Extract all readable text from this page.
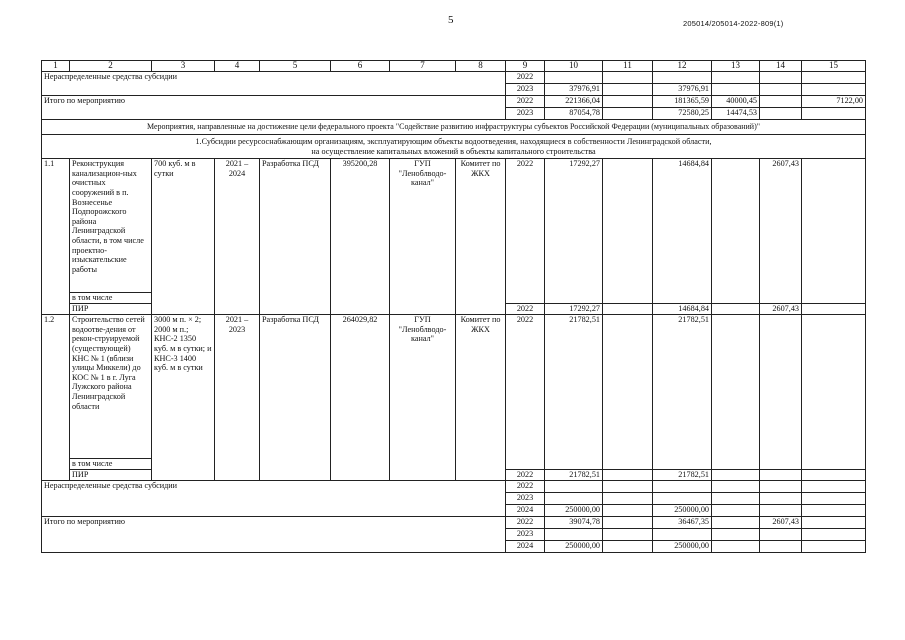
5	205014/205014-2022-809(1)
1	2	3	4	5	6	7	8	9	10	11	12	13	14	15
Нераспределенные средства субсидии								2022						
								2023	37976,91		37976,91			
Итого по мероприятию								2022	221366,04		181365,59	40000,45		7122,00
								2023	87054,78		72580,25	14474,53		
Мероприятия, направленные на достижение цели федерального проекта "Содействие развитию инфраструктуры субъектов Российской Федерации (муниципальных образований)"														

1.Субсидии ресурсоснабжающим организациям, эксплуатирующим объекты водоотведения, находящиеся в собственности Ленинградской области,
на осуществление капитальных вложений в объекты капитального строительства														

1.1	Реконструкция канализацион-ных очистных сооружений в п. Вознесенье Подпорожского района Ленинградской области, в том числе проектно-изыскательские работы	700 куб. м в сутки	2021 – 2024	Разработка ПСД	395200,28	ГУП "Леноблводо-канал"	Комитет по ЖКХ	2022	17292,27		14684,84		2607,43	
	в том числе													
	ПИР							2022	17292,27		14684,84		2607,43	
1.2	Строительство сетей водоотве-дения от рекон-струируемой (существующей) КНС № 1 (вблизи улицы Миккели) до КОС № 1 в г. Луга Лужского района Ленинградской области	3000 м п. × 2; 2000 м п.; КНС-2 1350 куб. м в сутки; и КНС-3 1400 куб. м в сутки	2021 – 2023	Разработка ПСД	264029,82	ГУП "Леноблводо-канал"	Комитет по ЖКХ	2022	21782,51		21782,51			
	в том числе													
	ПИР							2022	21782,51		21782,51			
Нераспределенные средства субсидии								2022						
								2023						
								2024	250000,00		250000,00			
Итого по мероприятию								2022	39074,78		36467,35		2607,43	
								2023						
								2024	250000,00		250000,00			
